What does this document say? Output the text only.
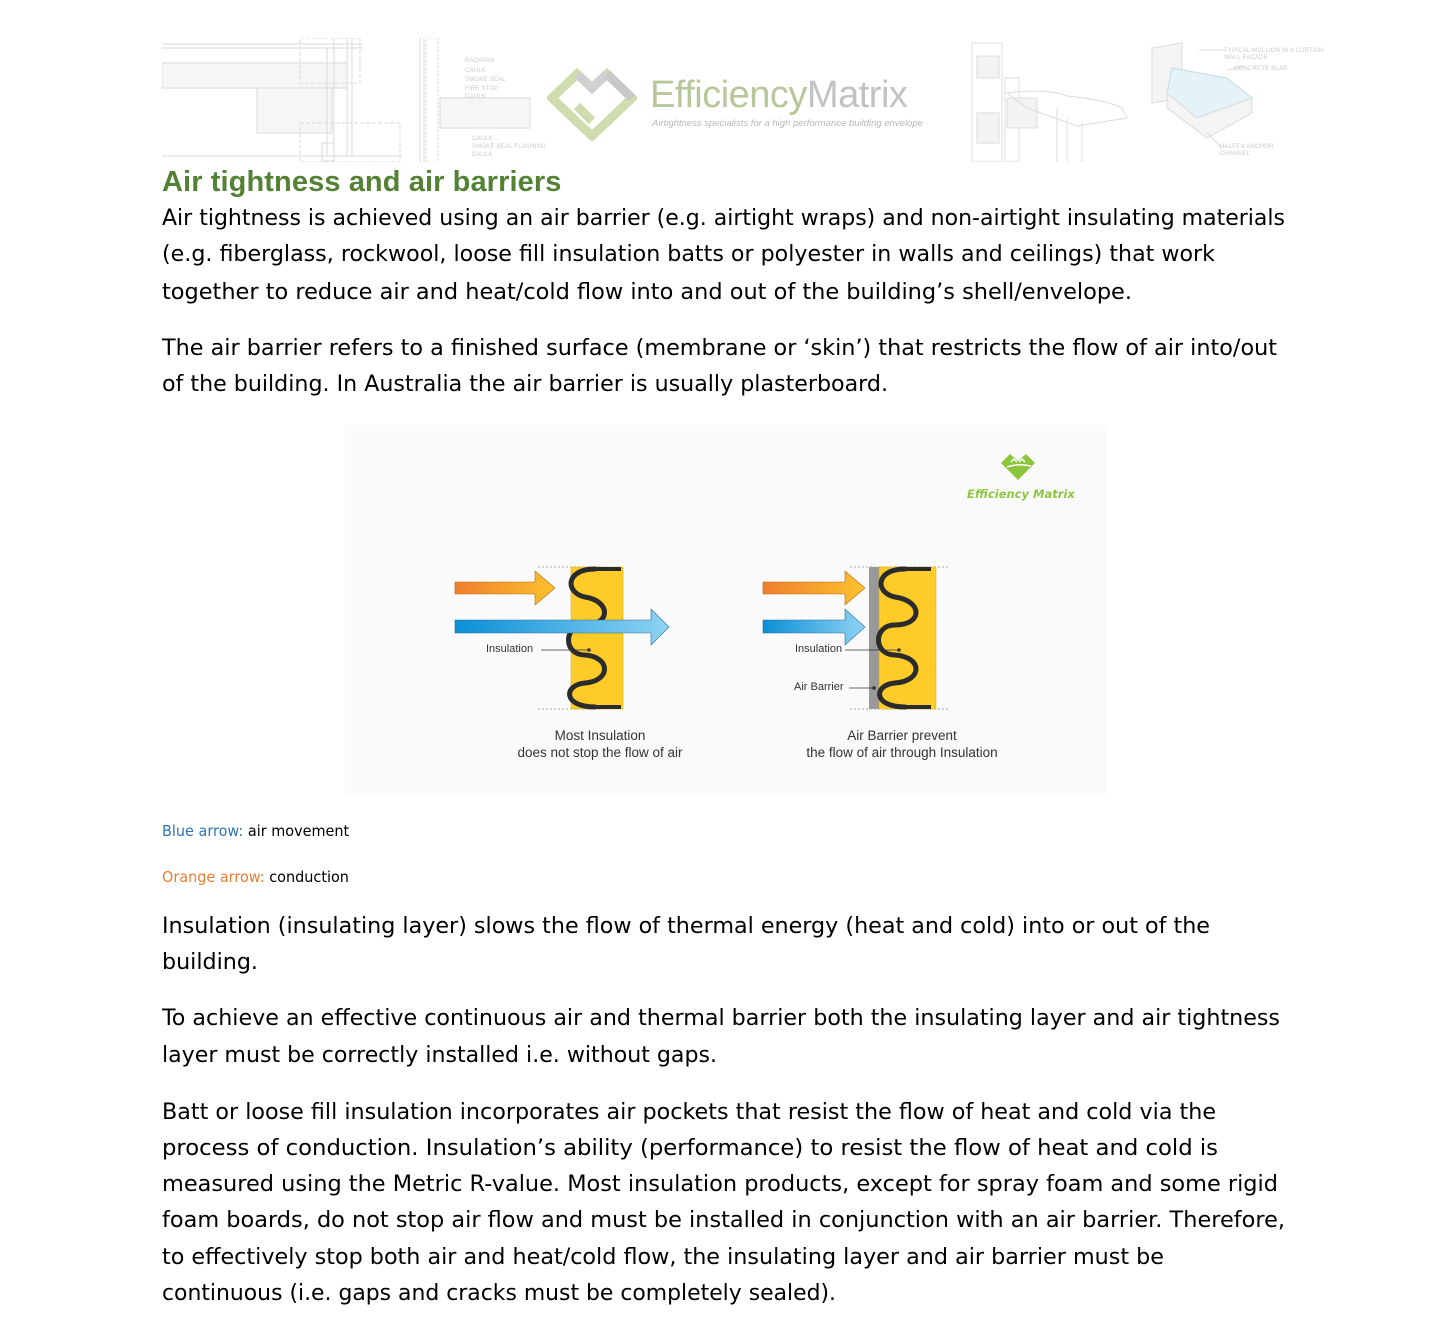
BACKPAN
CAULK
SMOKE SEAL
FIRE STOP
CAULK
CAULK
SMOKE SEAL FLASHING
CAULK
EfficiencyMatrix
Airtightness specialists for a high performance building envelope
TYPICAL MULLION IN A CURTAIN
WALL FACADE
CONCRETE SLAB
HALFEN ANCHOR
CHANNEL
Air tightness and air barriers
Air tightness is achieved using an air barrier (e.g. airtight wraps) and non-airtight insulating materials
(e.g. fiberglass, rockwool, loose fill insulation batts or polyester in walls and ceilings) that work
together to reduce air and heat/cold flow into and out of the building’s shell/envelope.
The air barrier refers to a finished surface (membrane or ‘skin’) that restricts the flow of air into/out
of the building. In Australia the air barrier is usually plasterboard.
Efficiency Matrix
Insulation
Most Insulation
does not stop the flow of air
Insulation
Air Barrier
Air Barrier prevent
the flow of air through Insulation
Blue arrow: air movement
Orange arrow: conduction
Insulation (insulating layer) slows the flow of thermal energy (heat and cold) into or out of the
building.
To achieve an effective continuous air and thermal barrier both the insulating layer and air tightness
layer must be correctly installed i.e. without gaps.
Batt or loose fill insulation incorporates air pockets that resist the flow of heat and cold via the
process of conduction. Insulation’s ability (performance) to resist the flow of heat and cold is
measured using the Metric R-value. Most insulation products, except for spray foam and some rigid
foam boards, do not stop air flow and must be installed in conjunction with an air barrier. Therefore,
to effectively stop both air and heat/cold flow, the insulating layer and air barrier must be
continuous (i.e. gaps and cracks must be completely sealed).
